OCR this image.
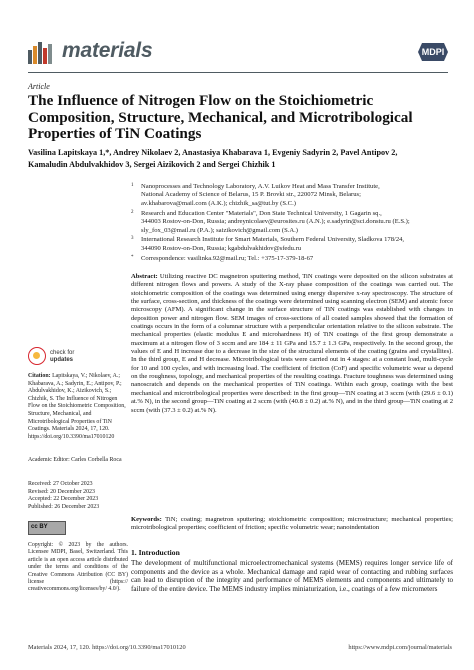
materials	MDPI
Article
The Influence of Nitrogen Flow on the Stoichiometric
Composition, Structure, Mechanical, and Microtribological
Properties of TiN Coatings
Vasilina Lapitskaya 1,*, Andrey Nikolaev 2, Anastasiya Khabarava 1, Evgeniy Sadyrin 2, Pavel Antipov 2,
Kamaludin Abdulvakhidov 3, Sergei Aizikovich 2 and Sergei Chizhik 1
1 Nanoprocesses and Technology Laboratory, A.V. Luikov Heat and Mass Transfer Institute,
National Academy of Science of Belarus, 15 P. Brovki str., 220072 Minsk, Belarus;
av.khabarova@mail.com (A.K.); chizhik_sa@tut.by (S.C.)
2 Research and Education Center "Materials", Don State Technical University, 1 Gagarin sq.,
344003 Rostov-on-Don, Russia; andreynicolaev@eurosites.ru (A.N.); e.sadyrin@sci.donstu.ru (E.S.);
sly_fox_03@mail.ru (P.A.); saizikovich@gmail.com (S.A.)
3 International Research Institute for Smart Materials, Southern Federal University, Sladkova 178/24,
344090 Rostov-on-Don, Russia; kgabdulvakhidov@sfedu.ru
* Correspondence: vasilinka.92@mail.ru; Tel.: +375-17-379-18-67
Abstract: Utilizing reactive DC magnetron sputtering method, TiN coatings were deposited on the silicon substrates at different nitrogen flows and powers. A study of the X-ray phase composition of the coatings was carried out. The stoichiometric composition of the coatings was determined using energy dispersive x-ray spectroscopy. The structure of the surface, cross-section, and thickness of the coatings were determined using scanning electron (SEM) and atomic force microscopy (AFM). A significant change in the surface structure of TiN coatings was established with changes in deposition power and nitrogen flow. SEM images of cross-sections of all coated samples showed that the formation of coatings occurs in the form of a columnar structure with a perpendicular orientation relative to the silicon substrate. The mechanical properties (elastic modulus E and microhardness H) of TiN coatings of the first group demonstrate a maximum at a nitrogen flow of 3 sccm and are 184 ± 11 GPa and 15.7 ± 1.3 GPa, respectively. In the second group, the values of E and H increase due to a decrease in the size of the structural elements of the coating (grains and crystallites). In the third group, E and H decrease. Microtribological tests were carried out in 4 stages: at a constant load, multi-cycle for 10 and 100 cycles, and with increasing load. The coefficient of friction (CoF) and specific volumetric wear ω depend on the roughness, topology, and mechanical properties of the resulting coatings. Fracture toughness was determined using nanoscratch and depends on the mechanical properties of TiN coatings. Within each group, coatings with the best mechanical and microtribological properties were described: in the first group—TiN coating at 3 sccm (with (29.6 ± 0.1) at.% N), in the second group—TiN coating at 2 sccm (with (40.8 ± 0.2) at.% N), and in the third group—TiN coating at 2 sccm (with (37.3 ± 0.2) at.% N).
Keywords: TiN; coating; magnetron sputtering; stoichiometric composition; microstructure; mechanical properties; microtribological properties; coefficient of friction; specific volumetric wear; nanoindentation
1. Introduction
The development of multifunctional microelectromechanical systems (MEMS) requires longer service life of components and the device as a whole. Mechanical damage and rapid wear of contacting and rubbing surfaces can lead to disruption of the integrity and performance of MEMS elements and components and ultimately to failure of the entire device. The MEMS industry implies miniaturization, i.e., coatings of a few micrometers
check for
updates
Citation: Lapitskaya, V.; Nikolaev, A.; Khabarava, A.; Sadyrin, E.; Antipov, P.; Abdulvakhidov, K.; Aizikovich, S.; Chizhik, S. The Influence of Nitrogen Flow on the Stoichiometric Composition, Structure, Mechanical, and Microtribological Properties of TiN Coatings. Materials 2024, 17, 120. https://doi.org/10.3390/ma17010120
Academic Editor: Carles Corbella Roca
Received: 27 October 2023
Revised: 20 December 2023
Accepted: 22 December 2023
Published: 26 December 2023
cc BY
Copyright: © 2023 by the authors. Licensee MDPI, Basel, Switzerland. This article is an open access article distributed under the terms and conditions of the Creative Commons Attribution (CC BY) license (https:// creativecommons.org/licenses/by/ 4.0/).
Materials 2024, 17, 120. https://doi.org/10.3390/ma17010120	https://www.mdpi.com/journal/materials
